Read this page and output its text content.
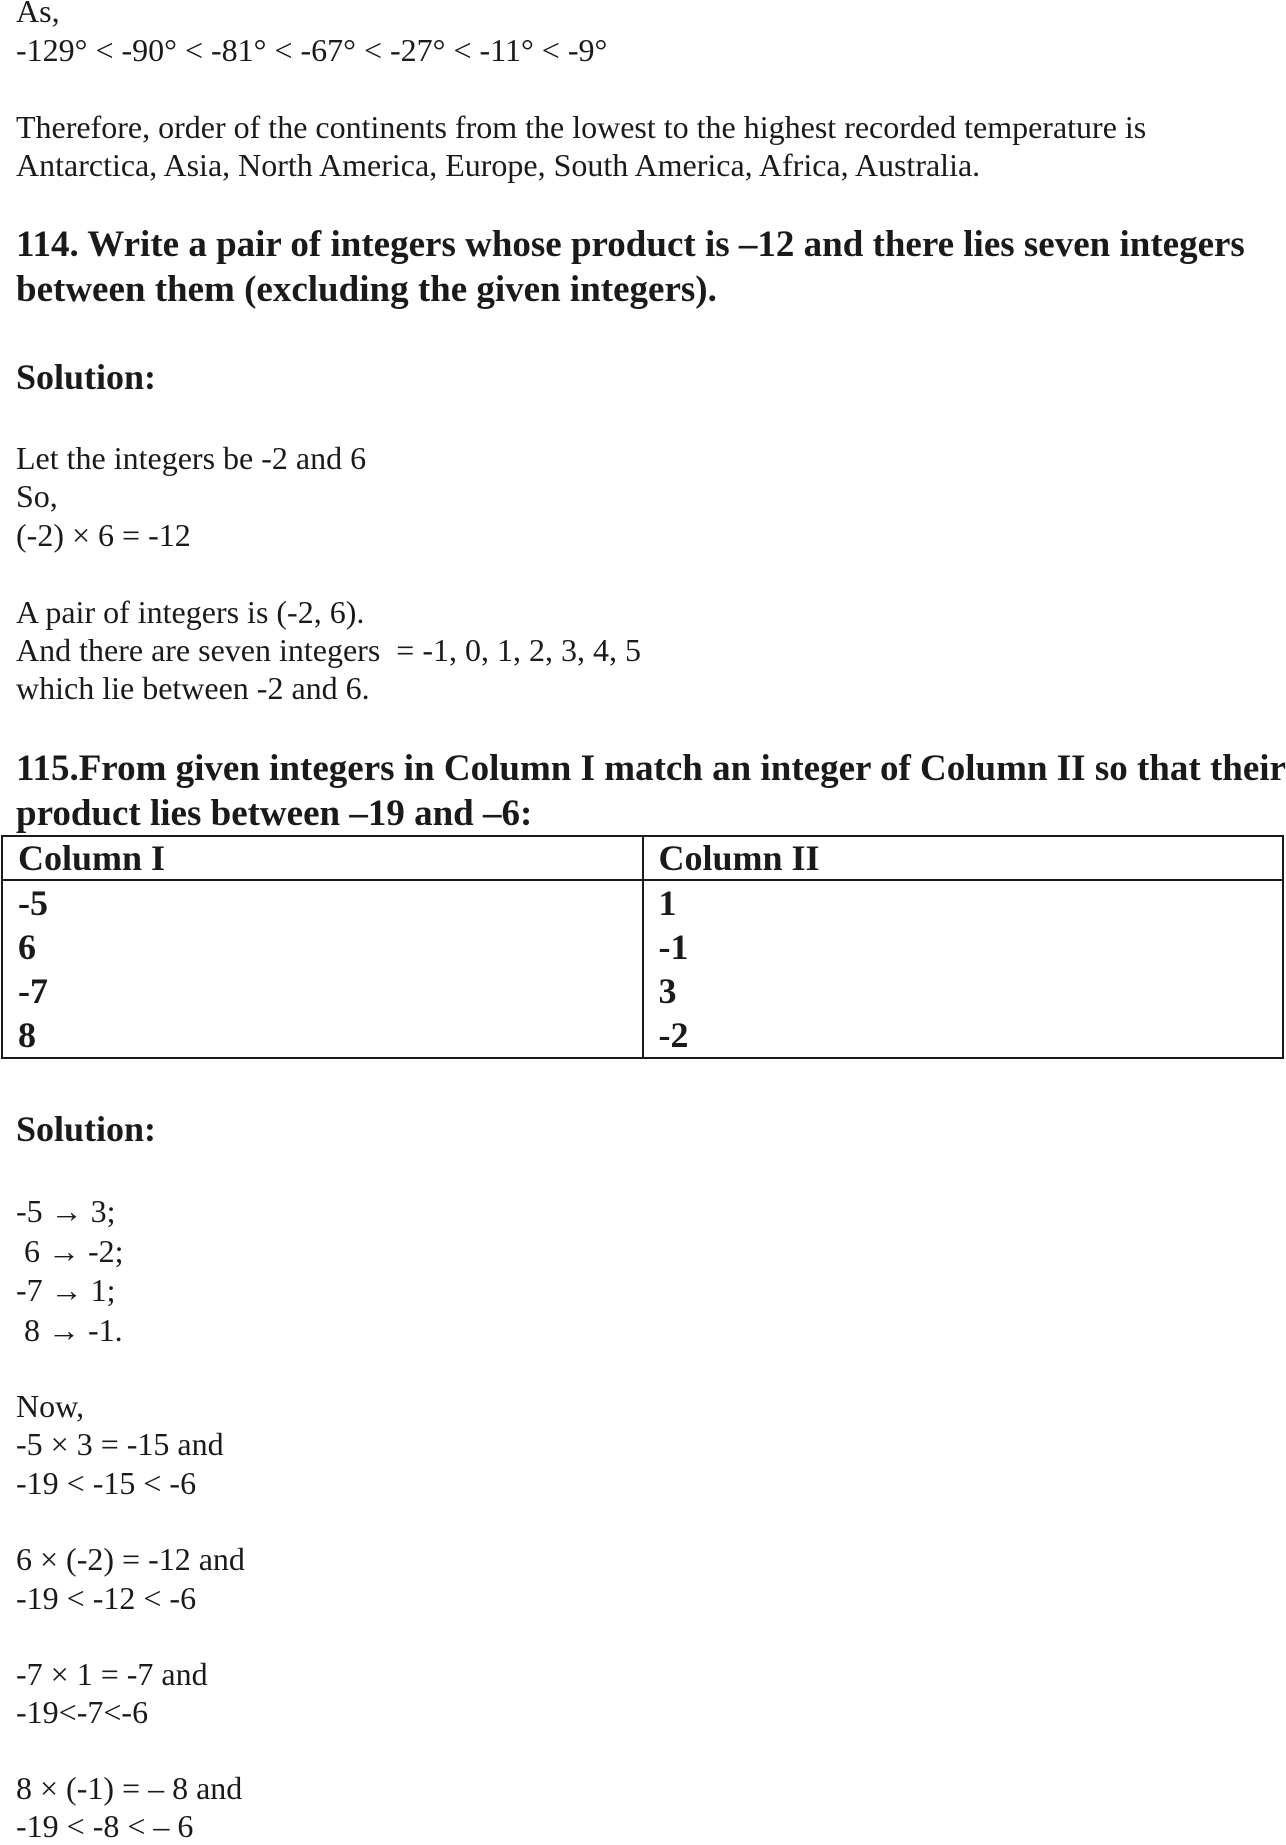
As,
-129° < -90° < -81° < -67° < -27° < -11° < -9°
Therefore, order of the continents from the lowest to the highest recorded temperature is Antarctica, Asia, North America, Europe, South America, Africa, Australia.
114. Write a pair of integers whose product is –12 and there lies seven integers between them (excluding the given integers).
Solution:
Let the integers be -2 and 6
So,
(-2) × 6 = -12
A pair of integers is (-2, 6).
And there are seven integers  = -1, 0, 1, 2, 3, 4, 5
which lie between -2 and 6.
115.From given integers in Column I match an integer of Column II so that their product lies between –19 and –6:
Column I	Column II
-5	1
6	-1
-7	3
8	-2
Solution:
-5 → 3;
6 → -2;
-7 → 1;
8 → -1.
Now,
-5 × 3 = -15 and
-19 < -15 < -6
6 × (-2) = -12 and
-19 < -12 < -6
-7 × 1 = -7 and
-19<-7<-6
8 × (-1) = – 8 and
-19 < -8 < – 6
